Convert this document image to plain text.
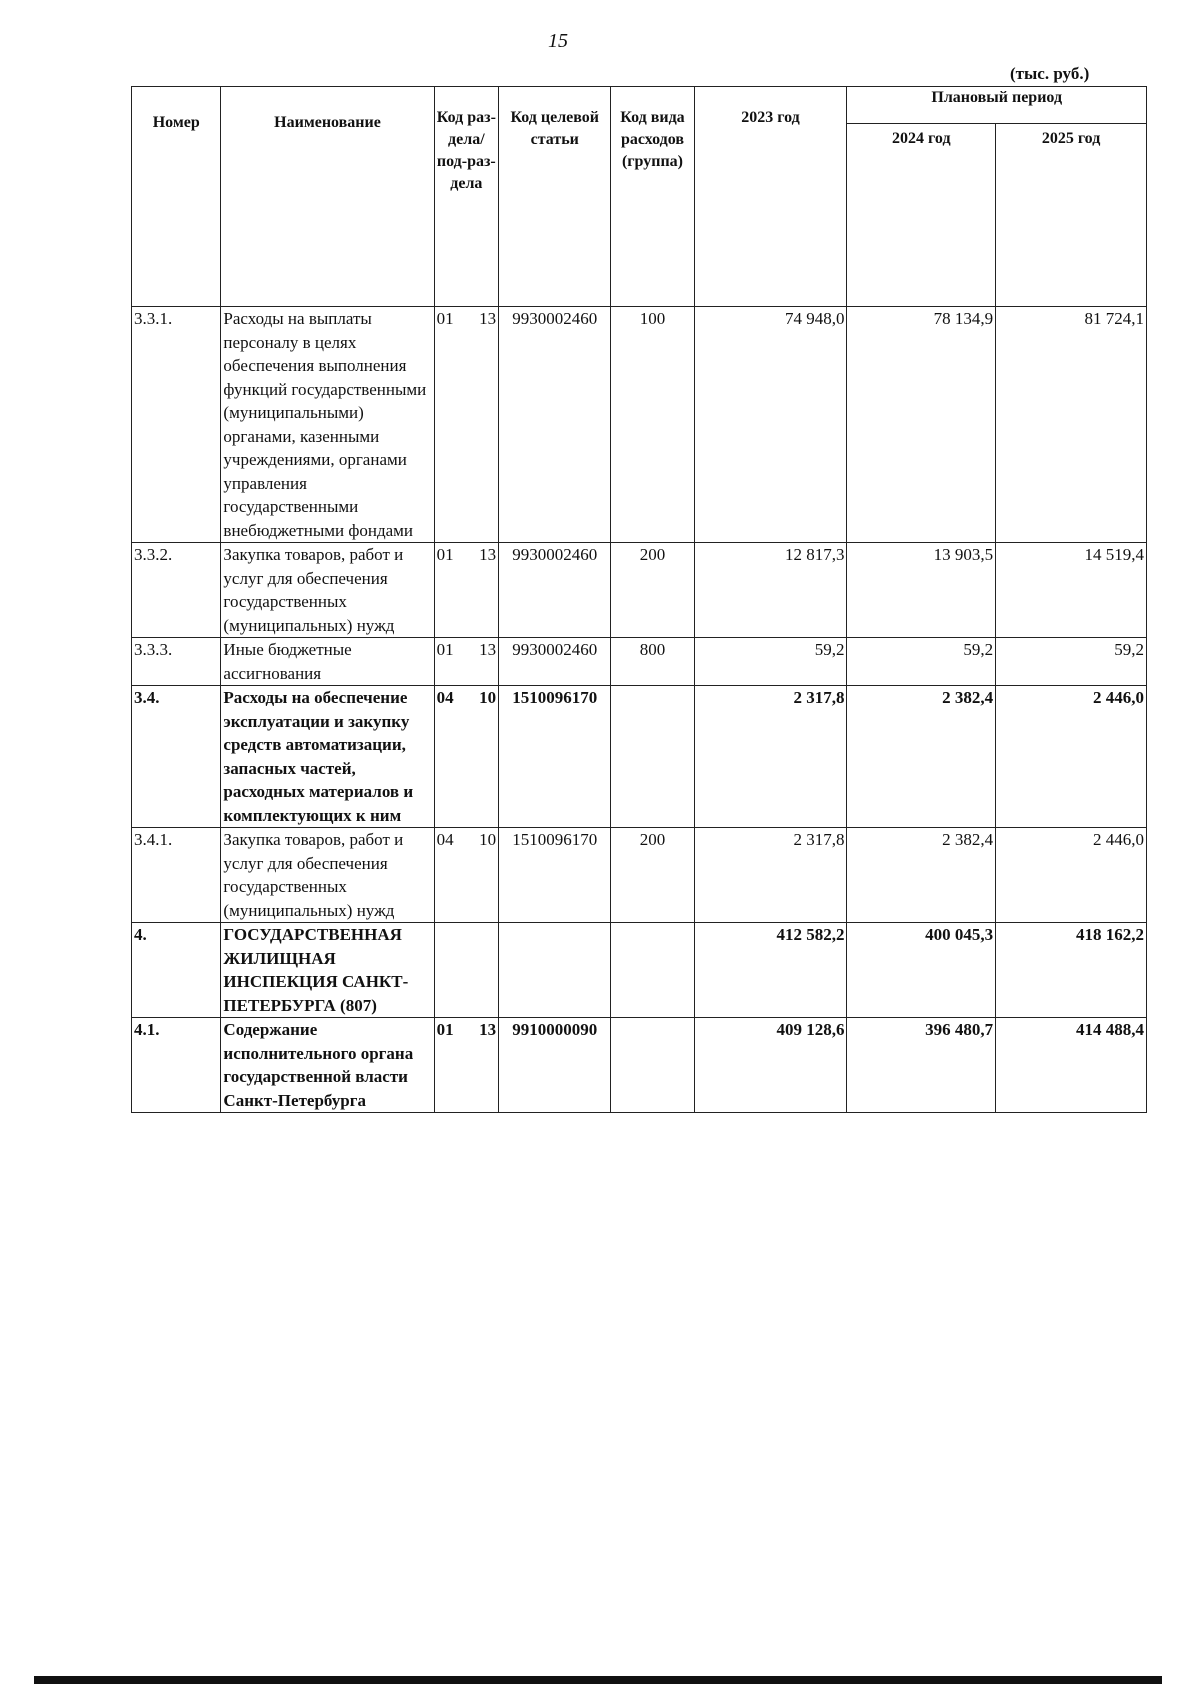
15
(тыс. руб.)
Номер	Наименование	Код раз-дела/ под-раз-дела	Код целевой статьи	Код вида расходов (группа)	2023 год	Плановый период	
						2024 год	2025 год
3.3.1.	Расходы на выплаты персоналу в целях обеспечения выполнения функций государственными (муниципальными) органами, казенными учреждениями, органами управления государственными внебюджетными фондами	01 13	9930002460	100	74 948,0	78 134,9	81 724,1
3.3.2.	Закупка товаров, работ и услуг для обеспечения государственных (муниципальных) нужд	01 13	9930002460	200	12 817,3	13 903,5	14 519,4
3.3.3.	Иные бюджетные ассигнования	01 13	9930002460	800	59,2	59,2	59,2
3.4.	Расходы на обеспечение эксплуатации и закупку средств автоматизации, запасных частей, расходных материалов и комплектующих к ним	04 10	1510096170		2 317,8	2 382,4	2 446,0
3.4.1.	Закупка товаров, работ и услуг для обеспечения государственных (муниципальных) нужд	04 10	1510096170	200	2 317,8	2 382,4	2 446,0
4.	ГОСУДАРСТВЕННАЯ ЖИЛИЩНАЯ ИНСПЕКЦИЯ САНКТ-ПЕТЕРБУРГА (807)				412 582,2	400 045,3	418 162,2
4.1.	Содержание исполнительного органа государственной власти Санкт-Петербурга	01 13	9910000090		409 128,6	396 480,7	414 488,4
